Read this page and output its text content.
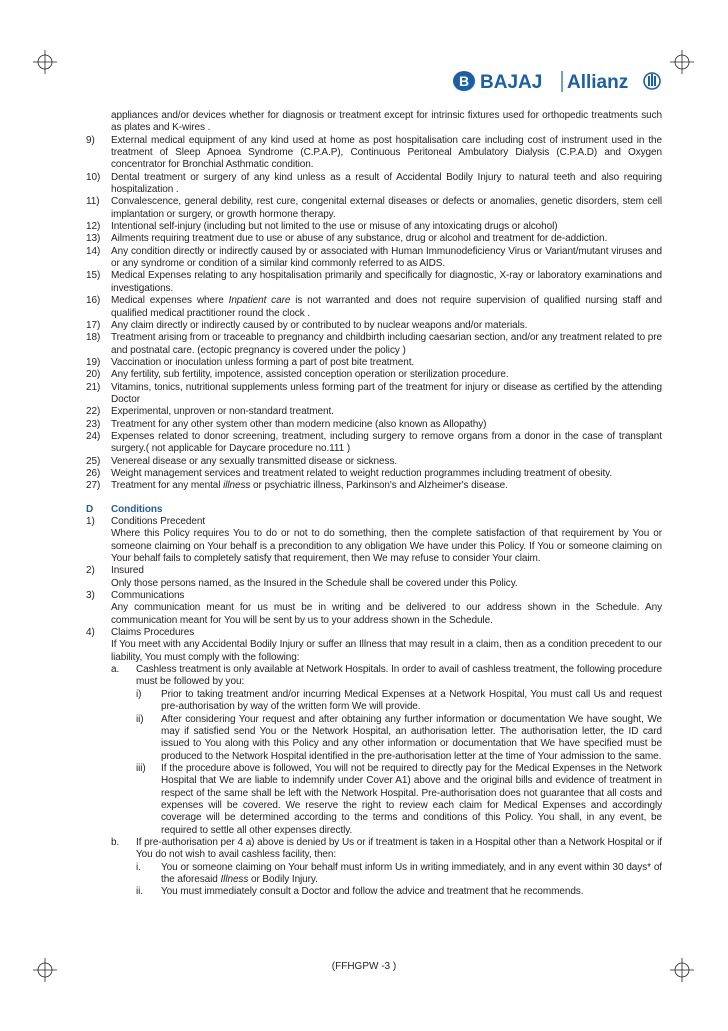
B BAJAJ Allianz
appliances and/or devices whether for diagnosis or treatment except for intrinsic fixtures used for orthopedic treatments such as plates and K-wires .
9)	External medical equipment of any kind used at home as post hospitalisation care including cost of instrument used in the treatment of Sleep Apnoea Syndrome (C.P.A.P), Continuous Peritoneal Ambulatory Dialysis (C.P.A.D) and Oxygen concentrator for Bronchial Asthmatic condition.
10)	Dental treatment or surgery of any kind unless as a result of Accidental Bodily Injury to natural teeth and also requiring hospitalization .
11)	Convalescence, general debility, rest cure, congenital external diseases or defects or anomalies, genetic disorders, stem cell implantation or surgery, or growth hormone therapy.
12)	Intentional self-injury (including but not limited to the use or misuse of any intoxicating drugs or alcohol)
13)	Ailments requiring treatment due to use or abuse of any substance, drug or alcohol and treatment for de-addiction.
14)	Any condition directly or indirectly caused by or associated with Human Immunodeficiency Virus or Variant/mutant viruses and or any syndrome or condition of a similar kind commonly referred to as AIDS.
15)	Medical Expenses relating to any hospitalisation primarily and specifically for diagnostic, X-ray or laboratory examinations and investigations.
16)	Medical expenses where Inpatient care is not warranted and does not require supervision of qualified nursing staff and qualified medical practitioner round the clock .
17)	Any claim directly or indirectly caused by or contributed to by nuclear weapons and/or materials.
18)	Treatment arising from or traceable to pregnancy and childbirth including caesarian section, and/or any treatment related to pre and postnatal care. (ectopic pregnancy is covered under the policy )
19)	Vaccination or inoculation unless forming a part of post bite treatment.
20)	Any fertility, sub fertility, impotence, assisted conception operation or sterilization procedure.
21)	Vitamins, tonics, nutritional supplements unless forming part of the treatment for injury or disease as certified by the attending Doctor
22)	Experimental, unproven or non-standard treatment.
23)	Treatment for any other system other than modern medicine (also known as Allopathy)
24)	Expenses related to donor screening, treatment, including surgery to remove organs from a donor in the case of transplant surgery.( not applicable for Daycare procedure no.111 )
25)	Venereal disease or any sexually transmitted disease or sickness.
26)	Weight management services and treatment related to weight reduction programmes including treatment of obesity.
27)	Treatment for any mental illness or psychiatric illness, Parkinson's and Alzheimer's disease.
D	Conditions
1)	Conditions Precedent
Where this Policy requires You to do or not to do something, then the complete satisfaction of that requirement by You or someone claiming on Your behalf is a precondition to any obligation We have under this Policy. If You or someone claiming on Your behalf fails to completely satisfy that requirement, then We may refuse to consider Your claim.
2)	Insured
Only those persons named, as the Insured in the Schedule shall be covered under this Policy.
3)	Communications
Any communication meant for us must be in writing and be delivered to our address shown in the Schedule. Any communication meant for You will be sent by us to your address shown in the Schedule.
4)	Claims Procedures
If You meet with any Accidental Bodily Injury or suffer an Illness that may result in a claim, then as a condition precedent to our liability, You must comply with the following:
a.	Cashless treatment is only available at Network Hospitals. In order to avail of cashless treatment, the following procedure must be followed by you:
i)	Prior to taking treatment and/or incurring Medical Expenses at a Network Hospital, You must call Us and request pre-authorisation by way of the written form We will provide.
ii)	After considering Your request and after obtaining any further information or documentation We have sought, We may if satisfied send You or the Network Hospital, an authorisation letter. The authorisation letter, the ID card issued to You along with this Policy and any other information or documentation that We have specified must be produced to the Network Hospital identified in the pre-authorisation letter at the time of Your admission to the same.
iii)	If the procedure above is followed, You will not be required to directly pay for the Medical Expenses in the Network Hospital that We are liable to indemnify under Cover A1) above and the original bills and evidence of treatment in respect of the same shall be left with the Network Hospital. Pre-authorisation does not guarantee that all costs and expenses will be covered. We reserve the right to review each claim for Medical Expenses and accordingly coverage will be determined according to the terms and conditions of this Policy. You shall, in any event, be required to settle all other expenses directly.
b.	If pre-authorisation per 4 a) above is denied by Us or if treatment is taken in a Hospital other than a Network Hospital or if You do not wish to avail cashless facility, then:
i.	You or someone claiming on Your behalf must inform Us in writing immediately, and in any event within 30 days* of the aforesaid Illness or Bodily Injury.
ii.	You must immediately consult a Doctor and follow the advice and treatment that he recommends.
(FFHGPW -3 )
